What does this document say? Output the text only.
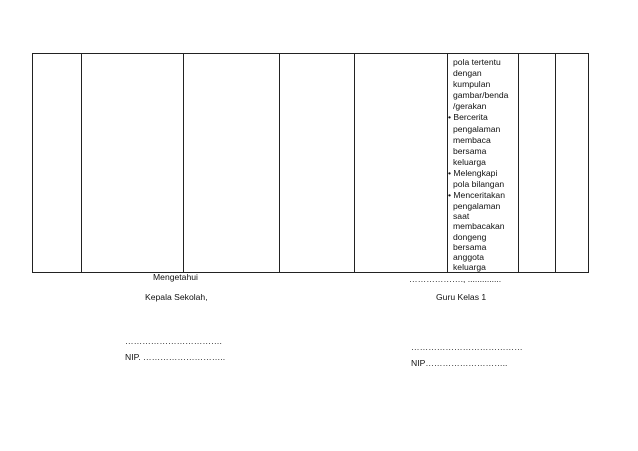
pola tertentu
dengan
kumpulan
gambar/benda
/gerakan
• Bercerita
pengalaman
membaca
bersama
keluarga
• Melengkapi
pola bilangan
• Menceritakan
pengalaman
saat
membacakan
dongeng
bersama
anggota
keluarga

Mengetahui
Kepala Sekolah,
…………………………….
NIP. ………………………..
………………., ..............
Guru Kelas 1
…………………………………
NIP………………………..
